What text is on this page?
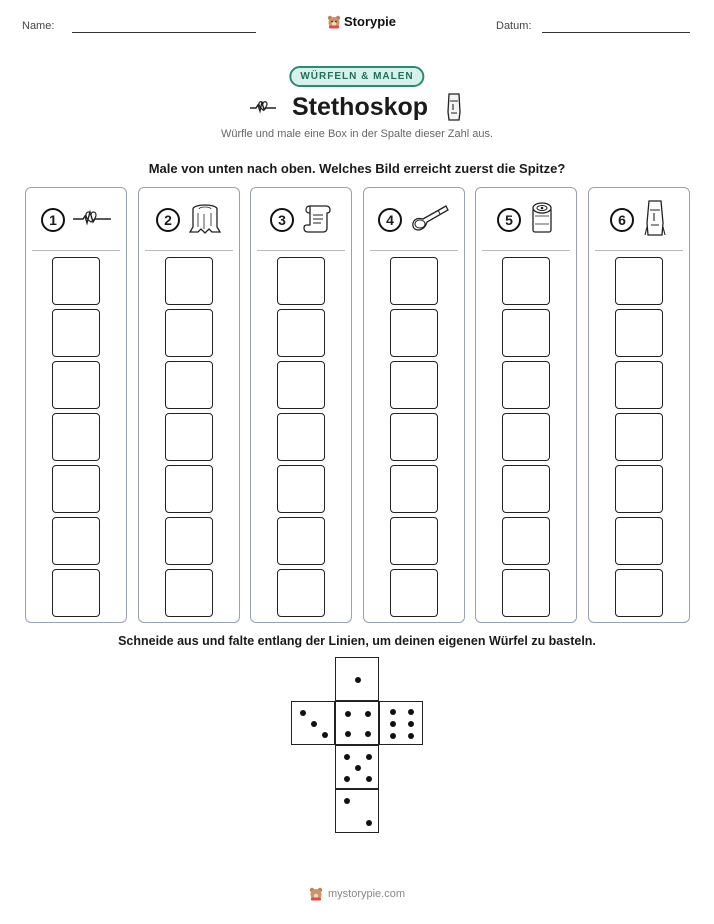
Name:	Storypie	Datum:
WÜRFELN & MALEN
Stethoskop
Würfle und male eine Box in der Spalte dieser Zahl aus.
Male von unten nach oben. Welches Bild erreicht zuerst die Spitze?
1	2	3	4	5	6
Schneide aus und falte entlang der Linien, um deinen eigenen Würfel zu basteln.
mystorypie.com
